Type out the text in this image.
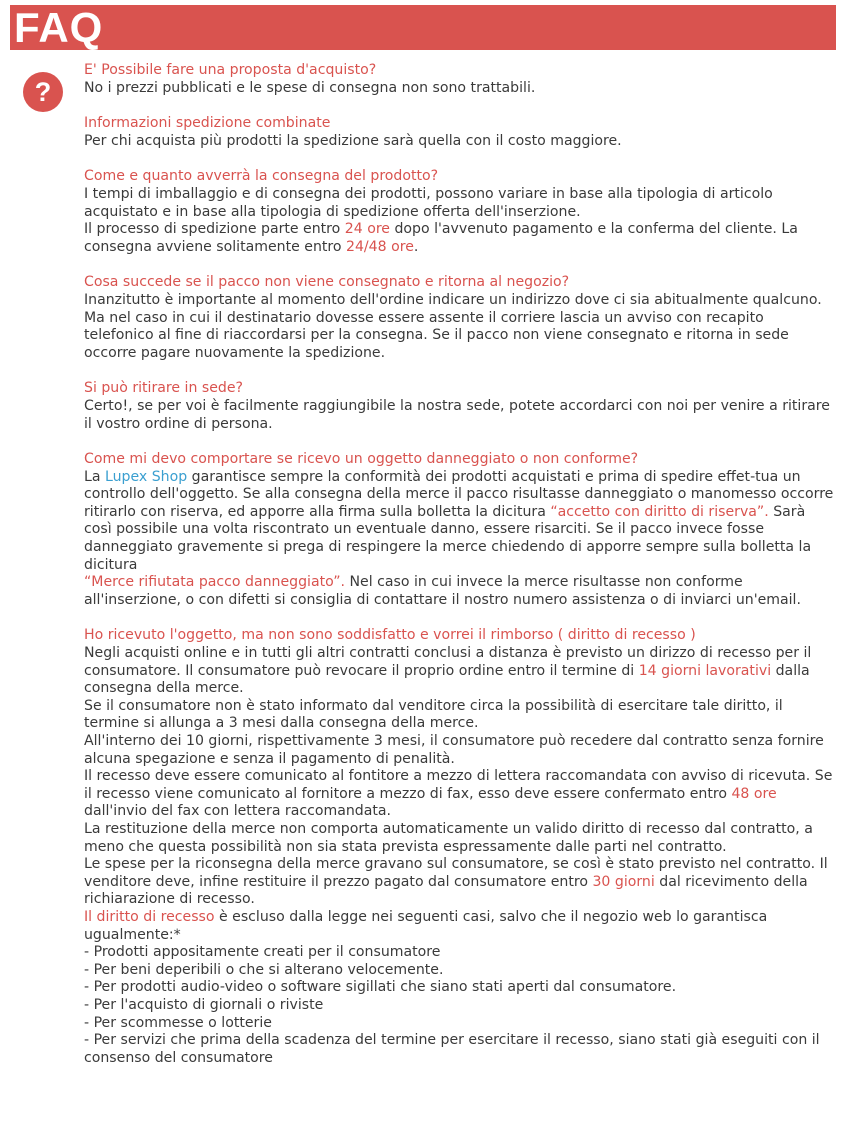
FAQ
?

E' Possibile fare una proposta d'acquisto?

No i prezzi pubblicati e le spese di consegna non sono trattabili.

Informazioni spedizione combinate

Per chi acquista più prodotti la spedizione sarà quella con il costo maggiore.

Come e quanto avverrà la consegna del prodotto?

I tempi di imballaggio e di consegna dei prodotti, possono variare in base alla tipologia di articolo acquistato e in base alla tipologia di spedizione offerta dell'inserzione.

Il processo di spedizione parte entro 24 ore dopo l'avvenuto pagamento e la conferma del cliente. La consegna avviene solitamente entro 24/48 ore.

Cosa succede se il pacco non viene consegnato e ritorna al negozio?

Inanzitutto è importante al momento dell'ordine indicare un indirizzo dove ci sia abitualmente qualcuno. Ma nel caso in cui il destinatario dovesse essere assente il corriere lascia un avviso con recapito telefonico al fine di riaccordarsi per la consegna. Se il pacco non viene consegnato e ritorna in sede occorre pagare nuovamente la spedizione.

Si può ritirare in sede?

Certo!, se per voi è facilmente raggiungibile la nostra sede, potete accordarci con noi per venire a ritirare il vostro ordine di persona.

Come mi devo comportare se ricevo un oggetto danneggiato o non conforme?

La Lupex Shop garantisce sempre la conformità dei prodotti acquistati e prima di spedire effet-tua un controllo dell'oggetto. Se alla consegna della merce il pacco risultasse danneggiato o manomesso occorre ritirarlo con riserva, ed apporre alla firma sulla bolletta la dicitura “accetto con diritto di riserva”. Sarà così possibile una volta riscontrato un eventuale danno, essere risarciti. Se il pacco invece fosse danneggiato gravemente si prega di respingere la merce chiedendo di apporre sempre sulla bolletta la dicitura
“Merce rifiutata pacco danneggiato”. Nel caso in cui invece la merce risultasse non conforme all'inserzione, o con difetti si consiglia di contattare il nostro numero assistenza o di inviarci un'email.

Ho ricevuto l'oggetto, ma non sono soddisfatto e vorrei il rimborso ( diritto di recesso )

Negli acquisti online e in tutti gli altri contratti conclusi a distanza è previsto un dirizzo di recesso per il consumatore. Il consumatore può revocare il proprio ordine entro il termine di 14 giorni lavorativi dalla consegna della merce.

Se il consumatore non è stato informato dal venditore circa la possibilità di esercitare tale diritto, il termine si allunga a 3 mesi dalla consegna della merce.

All'interno dei 10 giorni, rispettivamente 3 mesi, il consumatore può recedere dal contratto senza fornire alcuna spegazione e senza il pagamento di penalità.

Il recesso deve essere comunicato al fontitore a mezzo di lettera raccomandata con avviso di ricevuta. Se il recesso viene comunicato al fornitore a mezzo di fax, esso deve essere confermato entro 48 ore dall'invio del fax con lettera raccomandata.

La restituzione della merce non comporta automaticamente un valido diritto di recesso dal contratto, a meno che questa possibilità non sia stata prevista espressamente dalle parti nel contratto.

Le spese per la riconsegna della merce gravano sul consumatore, se così è stato previsto nel contratto. Il venditore deve, infine restituire il prezzo pagato dal consumatore entro 30 giorni dal ricevimento della richiarazione di recesso.

Il diritto di recesso è escluso dalla legge nei seguenti casi, salvo che il negozio web lo garantisca ugualmente:*

- Prodotti appositamente creati per il consumatore
- Per beni deperibili o che si alterano velocemente.
- Per prodotti audio-video o software sigillati che siano stati aperti dal consumatore.
- Per l'acquisto di giornali o riviste
- Per scommesse o lotterie
- Per servizi che prima della scadenza del termine per esercitare il recesso, siano stati già eseguiti con il consenso del consumatore
